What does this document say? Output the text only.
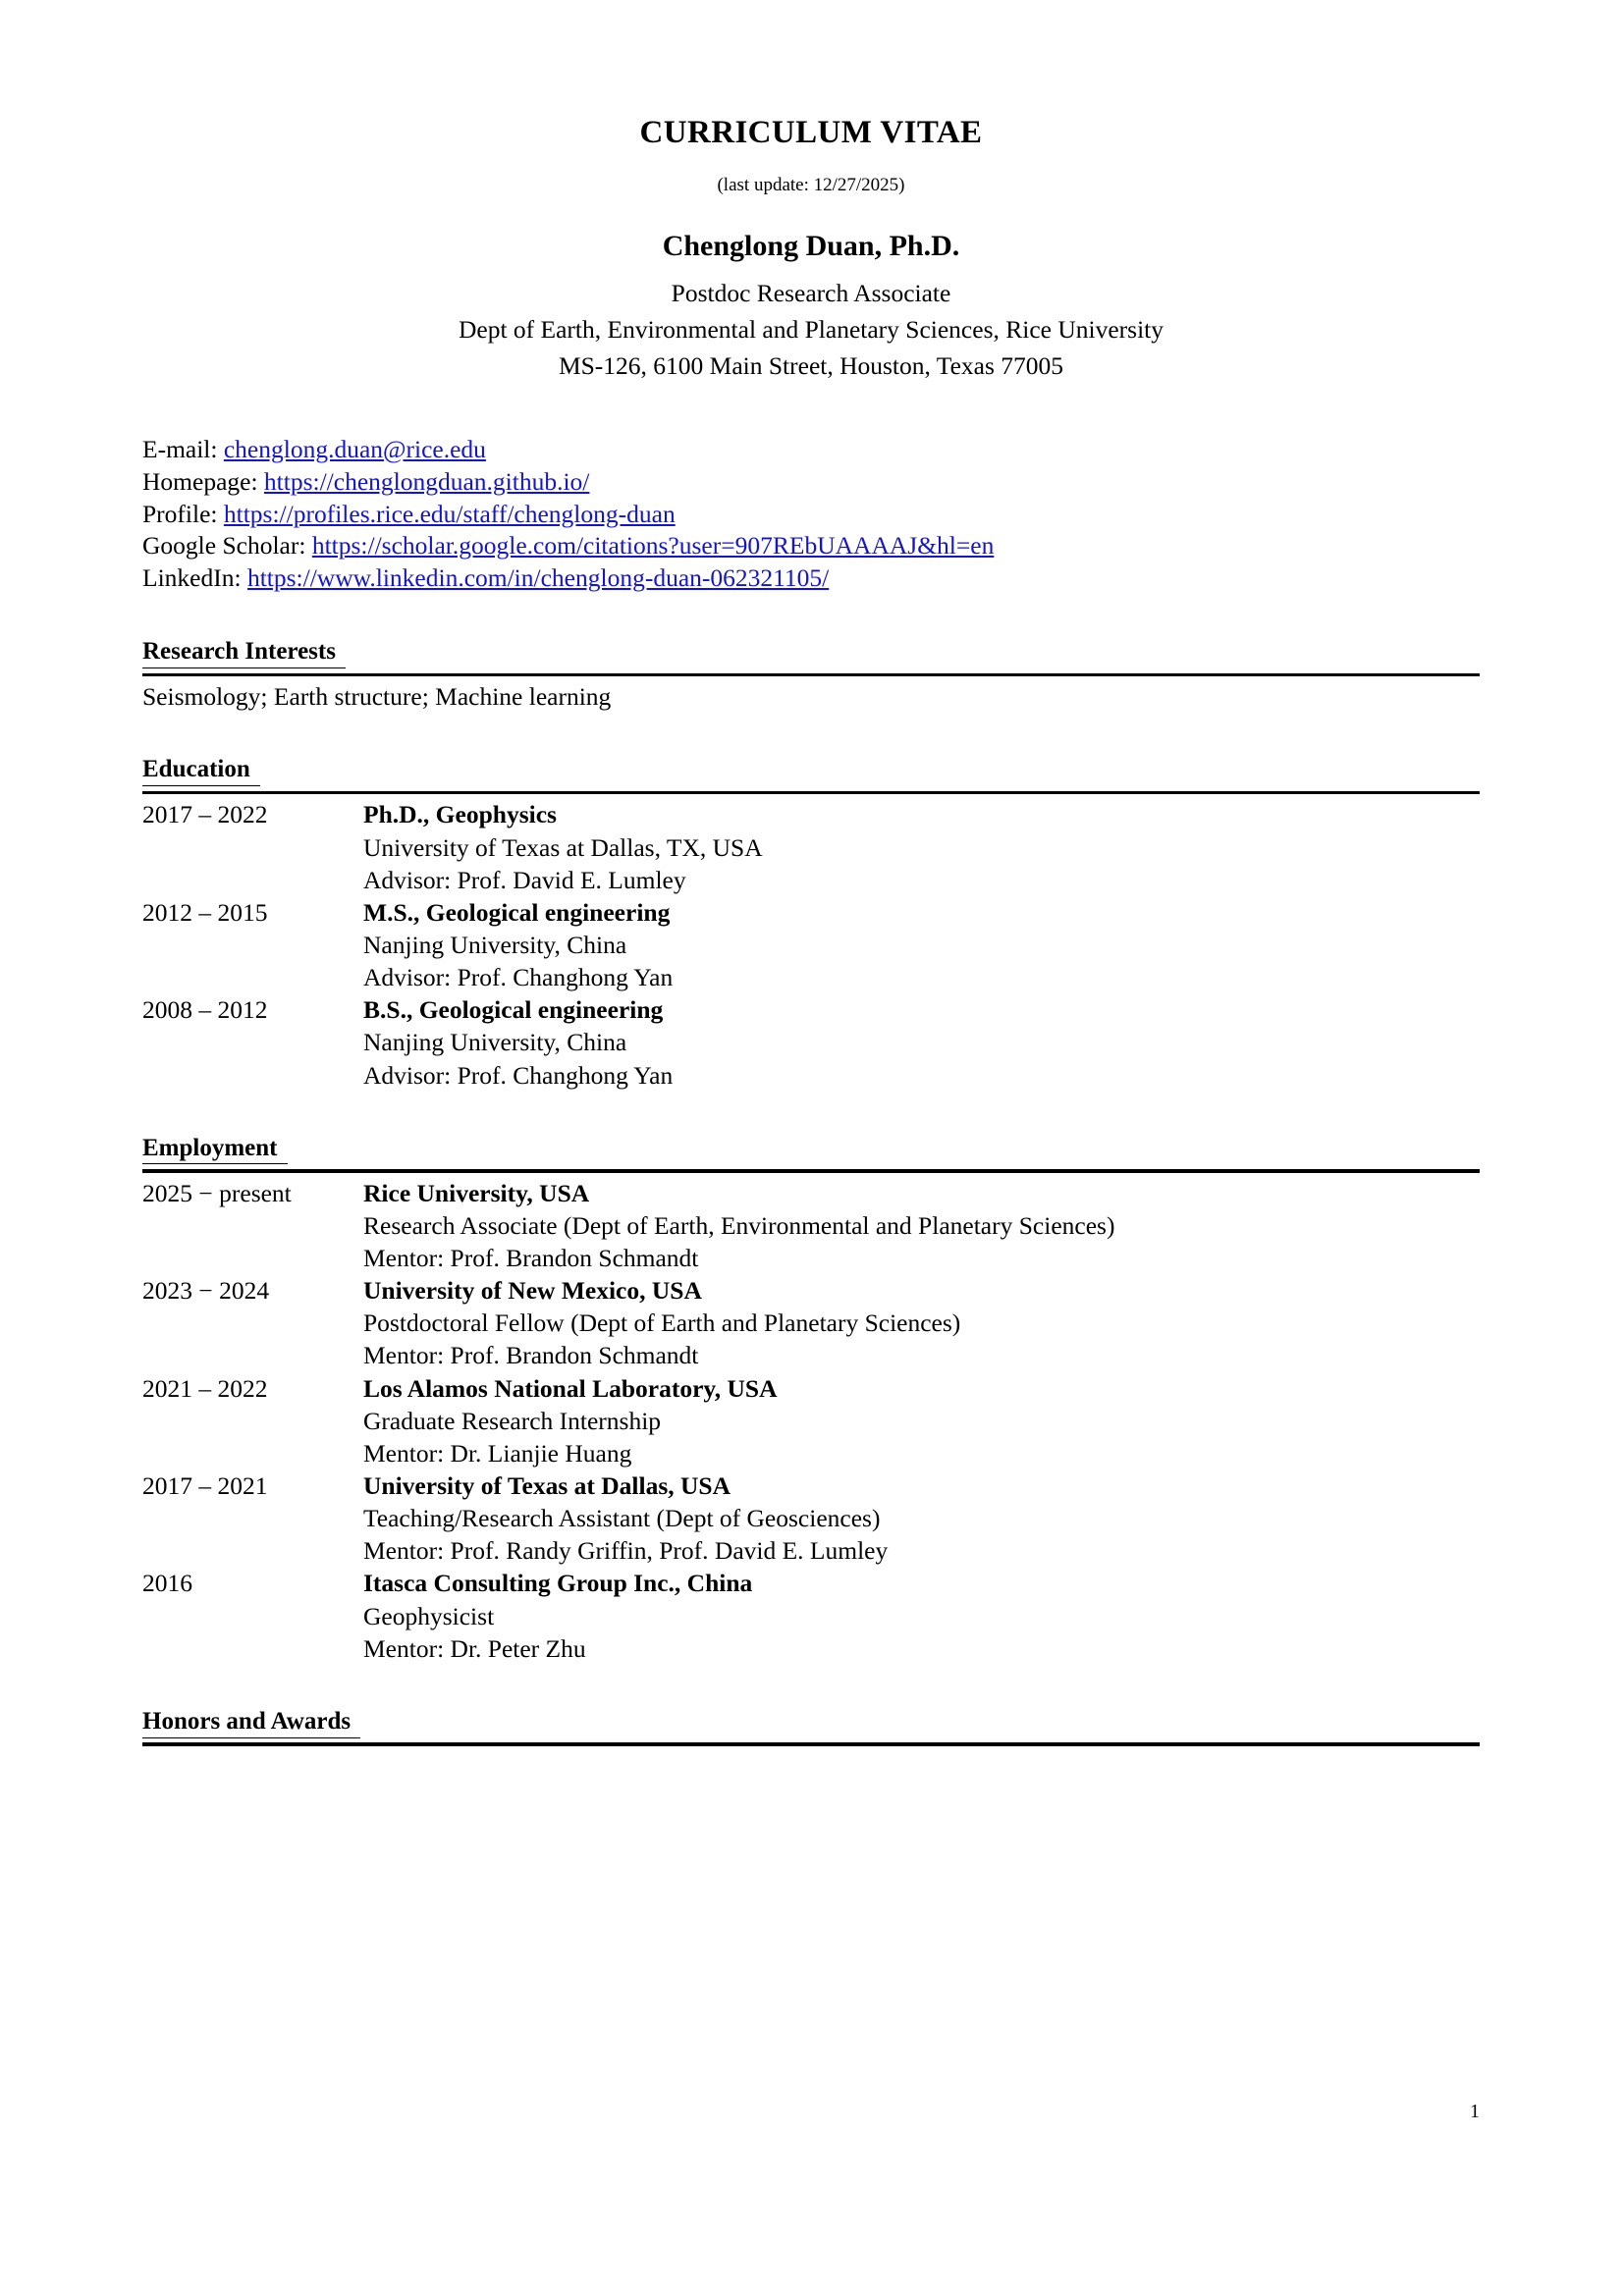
CURRICULUM VITAE
(last update: 12/27/2025)
Chenglong Duan, Ph.D.
Postdoc Research Associate
Dept of Earth, Environmental and Planetary Sciences, Rice University
MS-126, 6100 Main Street, Houston, Texas 77005
E-mail: chenglong.duan@rice.edu
Homepage: https://chenglongduan.github.io/
Profile: https://profiles.rice.edu/staff/chenglong-duan
Google Scholar: https://scholar.google.com/citations?user=907REbUAAAAJ&hl=en
LinkedIn: https://www.linkedin.com/in/chenglong-duan-062321105/
Research Interests
Seismology; Earth structure; Machine learning
Education
2017 – 2022	Ph.D., Geophysics
University of Texas at Dallas, TX, USA
Advisor: Prof. David E. Lumley
2012 – 2015	M.S., Geological engineering
Nanjing University, China
Advisor: Prof. Changhong Yan
2008 – 2012	B.S., Geological engineering
Nanjing University, China
Advisor: Prof. Changhong Yan
Employment
2025 − present	Rice University, USA
Research Associate (Dept of Earth, Environmental and Planetary Sciences)
Mentor: Prof. Brandon Schmandt
2023 − 2024	University of New Mexico, USA
Postdoctoral Fellow (Dept of Earth and Planetary Sciences)
Mentor: Prof. Brandon Schmandt
2021 – 2022	Los Alamos National Laboratory, USA
Graduate Research Internship
Mentor: Dr. Lianjie Huang
2017 – 2021	University of Texas at Dallas, USA
Teaching/Research Assistant (Dept of Geosciences)
Mentor: Prof. Randy Griffin, Prof. David E. Lumley
2016	Itasca Consulting Group Inc., China
Geophysicist
Mentor: Dr. Peter Zhu
Honors and Awards
1
